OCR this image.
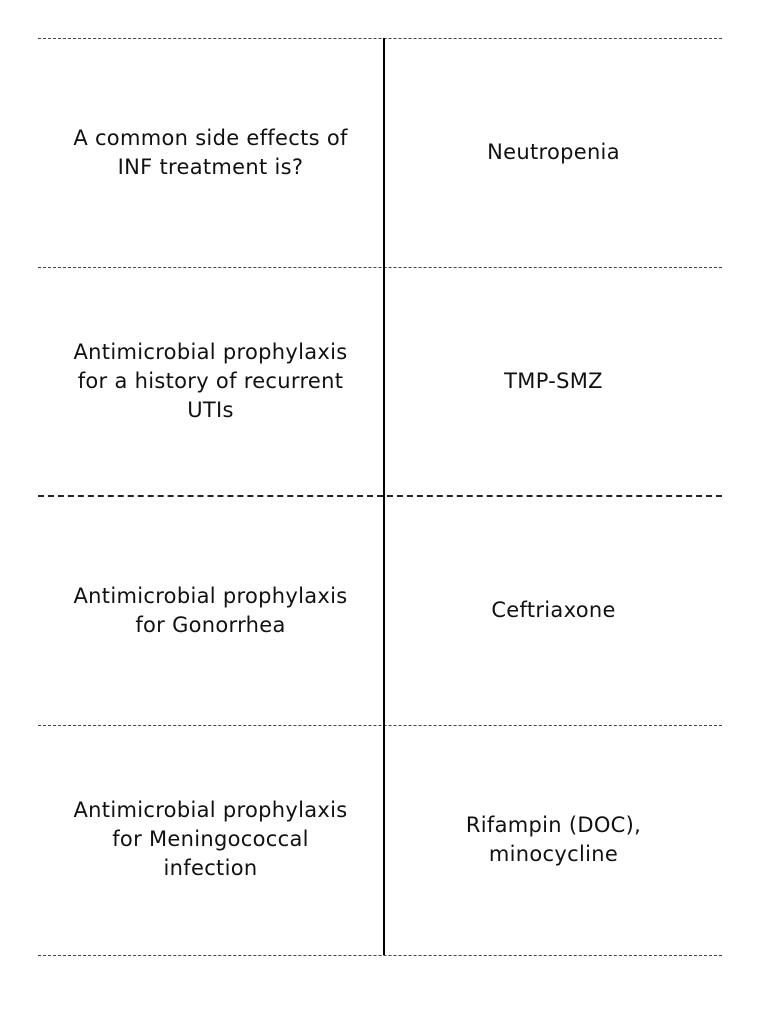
A common side effects of
INF treatment is?
Neutropenia
Antimicrobial prophylaxis
for a history of recurrent
UTIs
TMP-SMZ
Antimicrobial prophylaxis
for Gonorrhea
Ceftriaxone
Antimicrobial prophylaxis
for Meningococcal
infection
Rifampin (DOC),
minocycline
